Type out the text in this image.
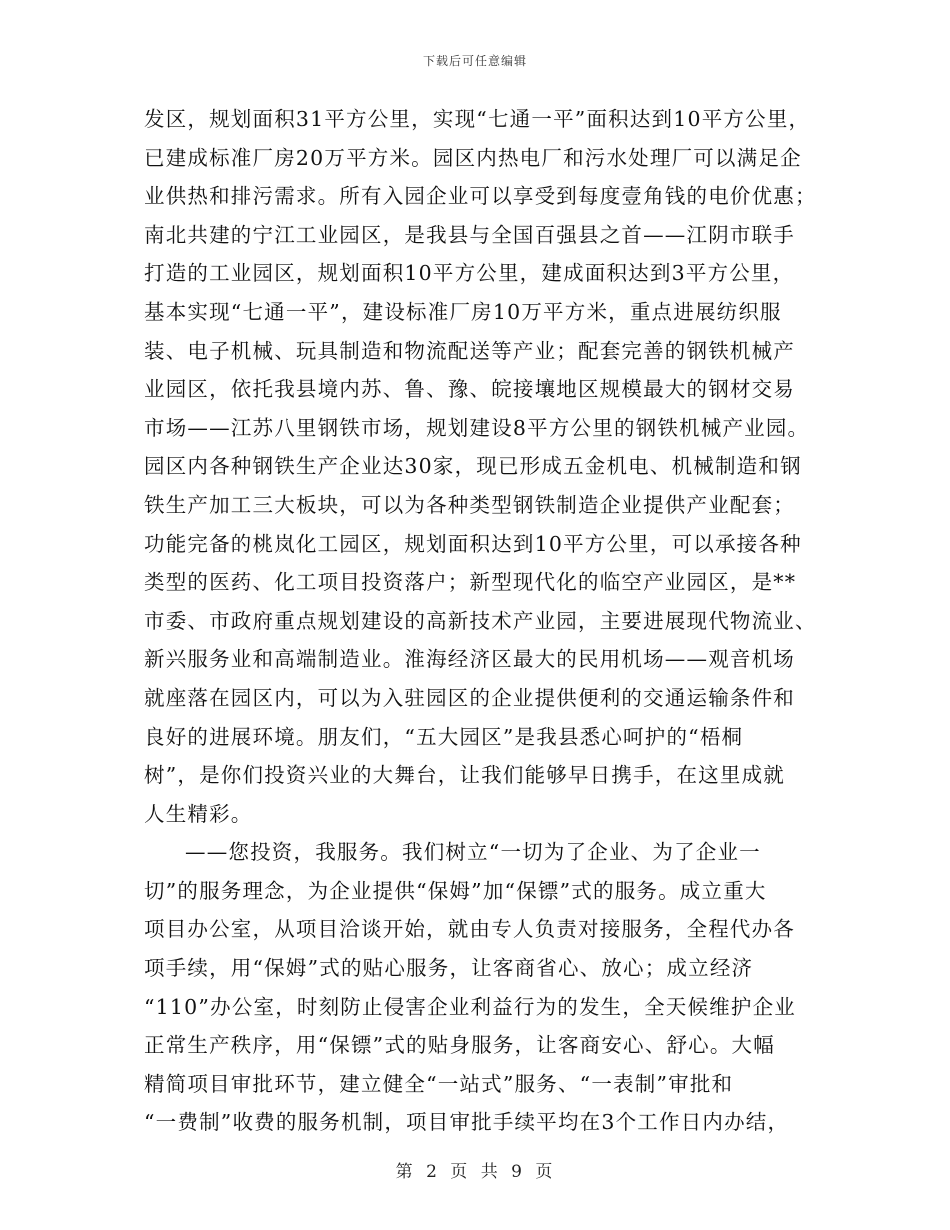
下载后可任意编辑
发区，规划面积31平方公里，实现“七通一平”面积达到10平方公里，
已建成标准厂房20万平方米。园区内热电厂和污水处理厂可以满足企
业供热和排污需求。所有入园企业可以享受到每度壹角钱的电价优惠；
南北共建的宁江工业园区，是我县与全国百强县之首——江阴市联手
打造的工业园区，规划面积10平方公里，建成面积达到3平方公里，
基本实现“七通一平”，建设标准厂房10万平方米，重点进展纺织服
装、电子机械、玩具制造和物流配送等产业；配套完善的钢铁机械产
业园区，依托我县境内苏、鲁、豫、皖接壤地区规模最大的钢材交易
市场——江苏八里钢铁市场，规划建设8平方公里的钢铁机械产业园。
园区内各种钢铁生产企业达30家，现已形成五金机电、机械制造和钢
铁生产加工三大板块，可以为各种类型钢铁制造企业提供产业配套；
功能完备的桃岚化工园区，规划面积达到10平方公里，可以承接各种
类型的医药、化工项目投资落户；新型现代化的临空产业园区，是**
市委、市政府重点规划建设的高新技术产业园，主要进展现代物流业、
新兴服务业和高端制造业。淮海经济区最大的民用机场——观音机场
就座落在园区内，可以为入驻园区的企业提供便利的交通运输条件和
良好的进展环境。朋友们，“五大园区”是我县悉心呵护的“梧桐
树”，是你们投资兴业的大舞台，让我们能够早日携手，在这里成就
人生精彩。
——您投资，我服务。我们树立“一切为了企业、为了企业一
切”的服务理念，为企业提供“保姆”加“保镖”式的服务。成立重大
项目办公室，从项目洽谈开始，就由专人负责对接服务，全程代办各
项手续，用“保姆”式的贴心服务，让客商省心、放心；成立经济
“110”办公室，时刻防止侵害企业利益行为的发生，全天候维护企业
正常生产秩序，用“保镖”式的贴身服务，让客商安心、舒心。大幅
精简项目审批环节，建立健全“一站式”服务、“一表制”审批和
“一费制”收费的服务机制，项目审批手续平均在3个工作日内办结，
第 2 页 共 9 页
